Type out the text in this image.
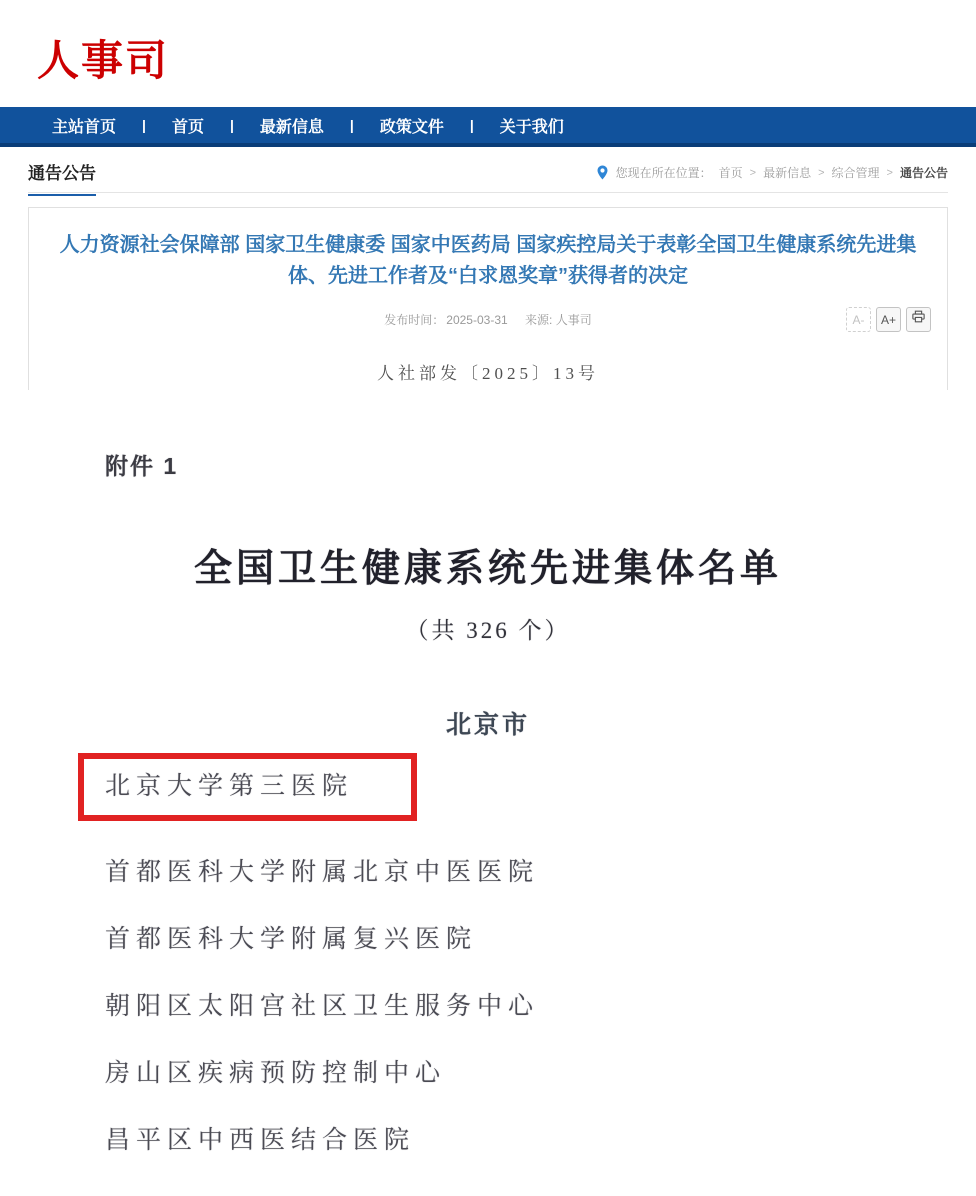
人事司
主站首页 | 首页 | 最新信息 | 政策文件 | 关于我们
通告公告	您现在所在位置： 首页 > 最新信息 > 综合管理 > 通告公告
人力资源社会保障部 国家卫生健康委 国家中医药局 国家疾控局关于表彰全国卫生健康系统先进集体、先进工作者及“白求恩奖章”获得者的决定
发布时间： 2025-03-31 来源: 人事司	A-	A+
人社部发〔2025〕13号
附件 1
全国卫生健康系统先进集体名单
（共 326 个）
北京市
北京大学第三医院
首都医科大学附属北京中医医院
首都医科大学附属复兴医院
朝阳区太阳宫社区卫生服务中心
房山区疾病预防控制中心
昌平区中西医结合医院
